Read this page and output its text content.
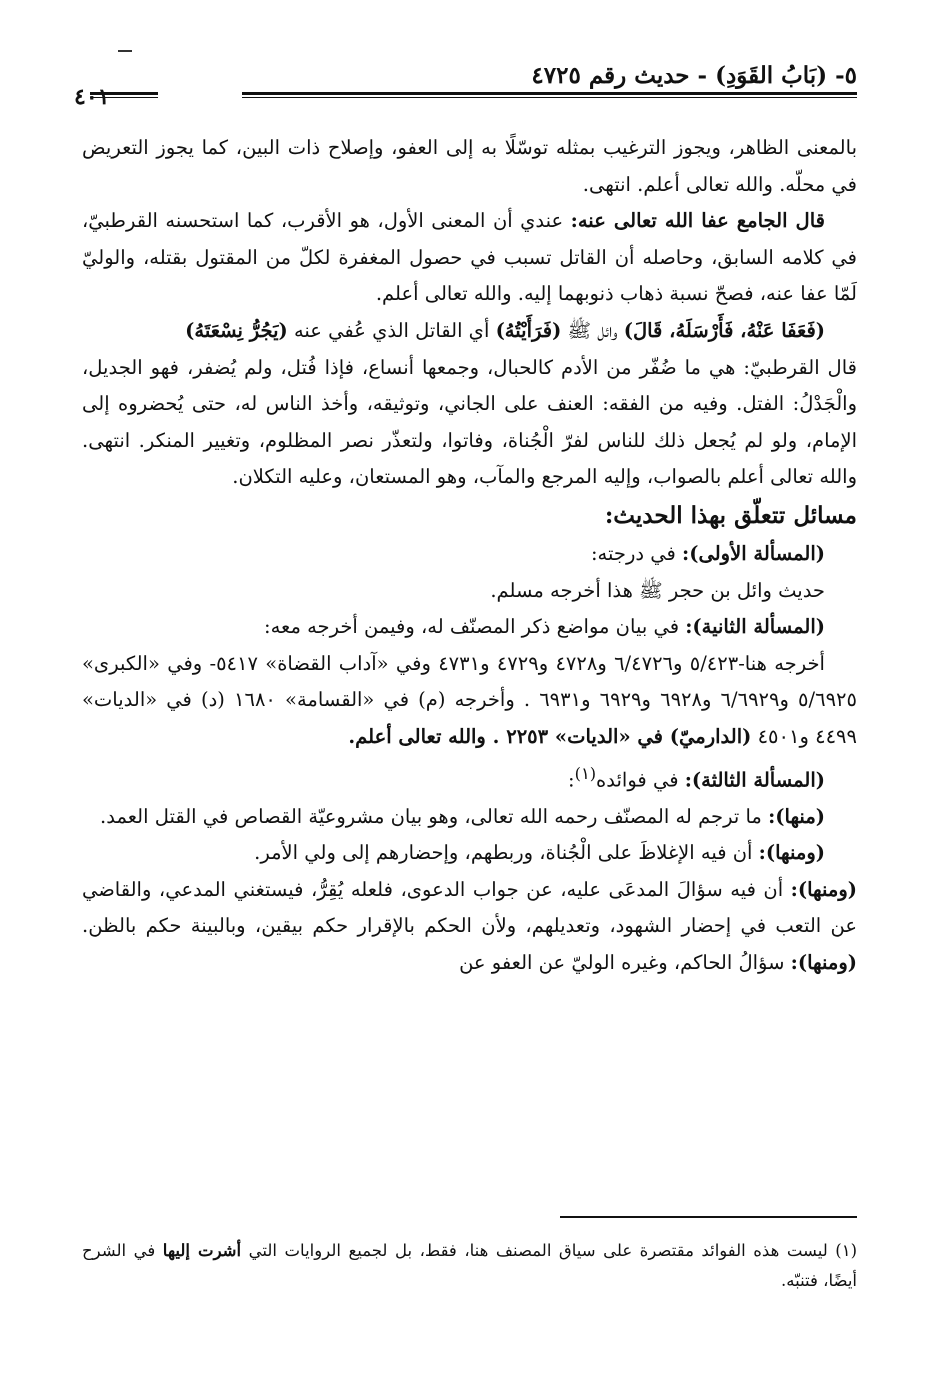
٥- (بَابُ القَوَدِ) - حديث رقم ٤٧٢٥
٤٠١

بالمعنى الظاهر، ويجوز الترغيب بمثله توسّلًا به إلى العفو، وإصلاح ذات البين، كما يجوز التعريض في محلّه. والله تعالى أعلم. انتهى.

قال الجامع عفا الله تعالى عنه: عندي أن المعنى الأول، هو الأقرب، كما استحسنه القرطبيّ، في كلامه السابق، وحاصله أن القاتل تسبب في حصول المغفرة لكلّ من المقتول بقتله، والوليّ لَمّا عفا عنه، فصحّ نسبة ذهاب ذنوبهما إليه. والله تعالى أعلم.

(فَعَفَا عَنْهُ، فَأَرْسَلَهُ، قَالَ) وائل ﷺ (فَرَأَيْتُهُ) أي القاتل الذي عُفي عنه (يَجُرُّ نِسْعَتَهُ)

قال القرطبيّ: هي ما ضُفّر من الأدم كالحبال، وجمعها أنساع، فإذا فُتل، ولم يُضفر، فهو الجديل، والْجَدْلُ: الفتل. وفيه من الفقه: العنف على الجاني، وتوثيقه، وأخذ الناس له، حتى يُحضروه إلى الإمام، ولو لم يُجعل ذلك للناس لفرّ الْجُناة، وفاتوا، ولتعذّر نصر المظلوم، وتغيير المنكر. انتهى. والله تعالى أعلم بالصواب، وإليه المرجع والمآب، وهو المستعان، وعليه التكلان.

مسائل تتعلّق بهذا الحديث:

(المسألة الأولى): في درجته:

حديث وائل بن حجر ﷺ هذا أخرجه مسلم.

(المسألة الثانية): في بيان مواضع ذكر المصنّف له، وفيمن أخرجه معه:

أخرجه هنا-٥/٤٢٣ و٦/٤٧٢٦ و٤٧٢٨ و٤٧٢٩ و٤٧٣١ وفي «آداب القضاة» ٥٤١٧- وفي «الكبرى» ٥/٦٩٢٥ و٦/٦٩٢٩ و٦٩٢٨ و٦٩٢٩ و٦٩٣١ . وأخرجه (م) في «القسامة» ١٦٨٠ (د) في «الديات» ٤٤٩٩ و٤٥٠١ (الدارميّ) في «الديات» ٢٢٥٣ . والله تعالى أعلم.

(المسألة الثالثة): في فوائده$^{(١)}$:

(منها): ما ترجم له المصنّف رحمه الله تعالى، وهو بيان مشروعيّة القصاص في القتل العمد.

(ومنها): أن فيه الإغلاظَ على الْجُناة، وربطهم، وإحضارهم إلى ولي الأمر.

(ومنها): أن فيه سؤالَ المدعَى عليه، عن جواب الدعوى، فلعله يُقِرُّ، فيستغني المدعي، والقاضي عن التعب في إحضار الشهود، وتعديلهم، ولأن الحكم بالإقرار حكم بيقين، وبالبينة حكم بالظن. (ومنها): سؤالُ الحاكم، وغيره الوليّ عن العفو عن

(١) ليست هذه الفوائد مقتصرة على سياق المصنف هنا، فقط، بل لجميع الروايات التي أشرت إليها في الشرح أيضًا، فتنبّه.
